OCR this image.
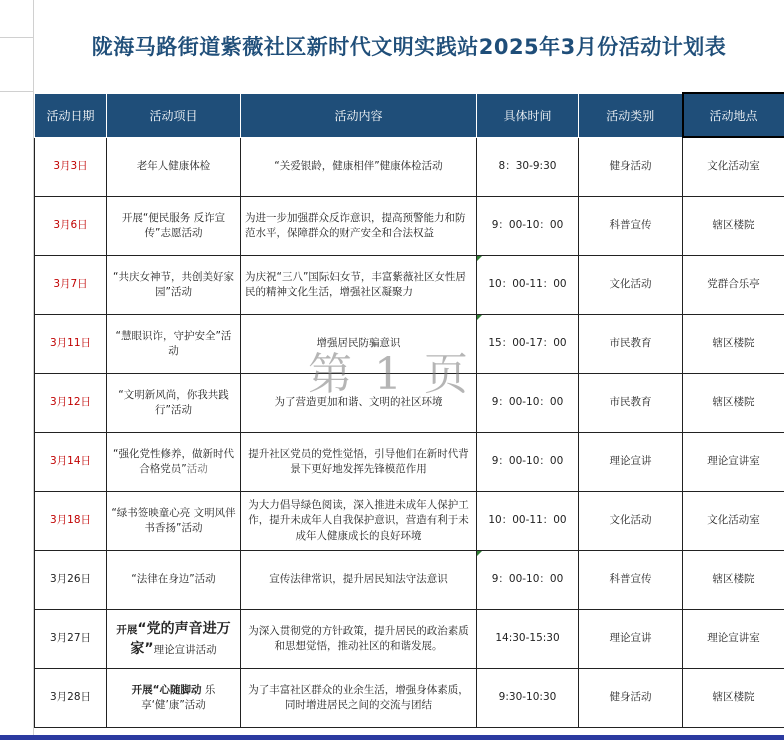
陇海马路街道紫薇社区新时代文明实践站2025年3月份活动计划表
活动日期	活动项目	活动内容	具体时间	活动类别	活动地点
3月3日	老年人健康体检	“关爱银龄，健康相伴”健康体检活动	8：30-9:30	健身活动	文化活动室
3月6日	开展“便民服务 反诈宣传”志愿活动	为进一步加强群众反诈意识，提高预警能力和防范水平，保障群众的财产安全和合法权益	9：00-10：00	科普宣传	辖区楼院
3月7日	“共庆女神节，共创美好家园”活动	为庆祝“三八”国际妇女节，丰富紫薇社区女性居民的精神文化生活，增强社区凝聚力	10：00-11：00	文化活动	党群合乐亭
3月11日	“慧眼识诈，守护安全”活动	增强居民防骗意识	15：00-17：00	市民教育	辖区楼院
3月12日	“文明新风尚，你我共践行”活动	为了营造更加和谐、文明的社区环境	9：00-10：00	市民教育	辖区楼院
3月14日	“强化党性修养，做新时代合格党员”活动	提升社区党员的党性觉悟，引导他们在新时代背景下更好地发挥先锋模范作用	9：00-10：00	理论宣讲	理论宣讲室
3月18日	“绿书签映童心亮 文明风伴书香扬”活动	为大力倡导绿色阅读，深入推进未成年人保护工作，提升未成年人自我保护意识，营造有利于未成年人健康成长的良好环境	10：00-11：00	文化活动	文化活动室
3月26日	“法律在身边”活动	宣传法律常识，提升居民知法守法意识	9：00-10：00	科普宣传	辖区楼院
3月27日	开展“党的声音进万家”理论宣讲活动	为深入贯彻党的方针政策，提升居民的政治素质和思想觉悟，推动社区的和谐发展。	14:30-15:30	理论宣讲	理论宣讲室
3月28日	开展“心随脚动 乐享‘健’康”活动	为了丰富社区群众的业余生活，增强身体素质，同时增进居民之间的交流与团结	9:30-10:30	健身活动	辖区楼院
第 1 页
